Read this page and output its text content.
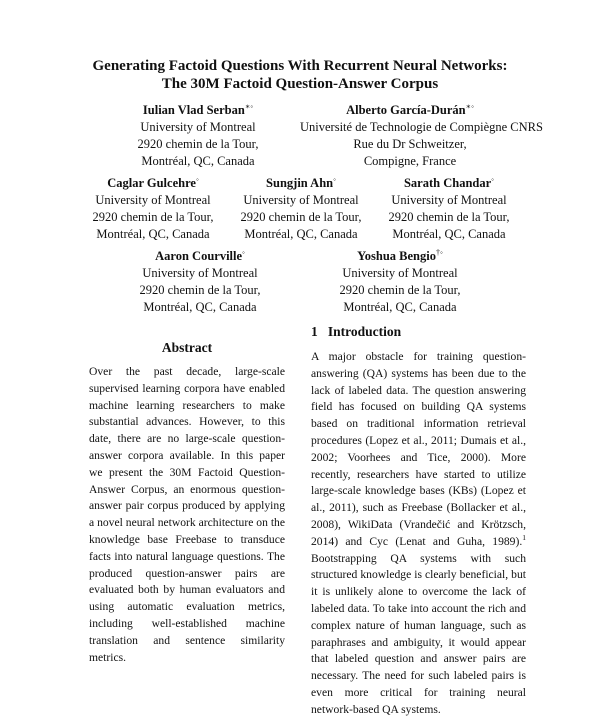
Generating Factoid Questions With Recurrent Neural Networks:
The 30M Factoid Question-Answer Corpus
Iulian Vlad Serban∗◦
University of Montreal
2920 chemin de la Tour,
Montréal, QC, Canada
Alberto García-Durán∗◦
Université de Technologie de Compiègne CNRS
Rue du Dr Schweitzer,
Compigne, France
Caglar Gulcehre◦
University of Montreal
2920 chemin de la Tour,
Montréal, QC, Canada
Sungjin Ahn◦
University of Montreal
2920 chemin de la Tour,
Montréal, QC, Canada
Sarath Chandar◦
University of Montreal
2920 chemin de la Tour,
Montréal, QC, Canada
Aaron Courville◦
University of Montreal
2920 chemin de la Tour,
Montréal, QC, Canada
Yoshua Bengio†◦
University of Montreal
2920 chemin de la Tour,
Montréal, QC, Canada
Abstract
Over the past decade, large-scale supervised learning corpora have enabled machine learning researchers to make substantial advances. However, to this date, there are no large-scale question-answer corpora available. In this paper we present the 30M Factoid Question-Answer Corpus, an enormous question-answer pair corpus produced by applying a novel neural network architecture on the knowledge base Freebase to transduce facts into natural language questions. The produced question-answer pairs are evaluated both by human evaluators and using automatic evaluation metrics, including well-established machine translation and sentence similarity metrics.
1 Introduction
A major obstacle for training question-answering (QA) systems has been due to the lack of labeled data. The question answering field has focused on building QA systems based on traditional information retrieval procedures (Lopez et al., 2011; Dumais et al., 2002; Voorhees and Tice, 2000). More recently, researchers have started to utilize large-scale knowledge bases (KBs) (Lopez et al., 2011), such as Freebase (Bollacker et al., 2008), WikiData (Vrandečić and Krötzsch, 2014) and Cyc (Lenat and Guha, 1989).$^1$ Bootstrapping QA systems with such structured knowledge is clearly beneficial, but it is unlikely alone to overcome the lack of labeled data. To take into account the rich and complex nature of human language, such as paraphrases and ambiguity, it would appear that labeled question and answer pairs are necessary. The need for such labeled pairs is even more critical for training neural network-based QA systems.
